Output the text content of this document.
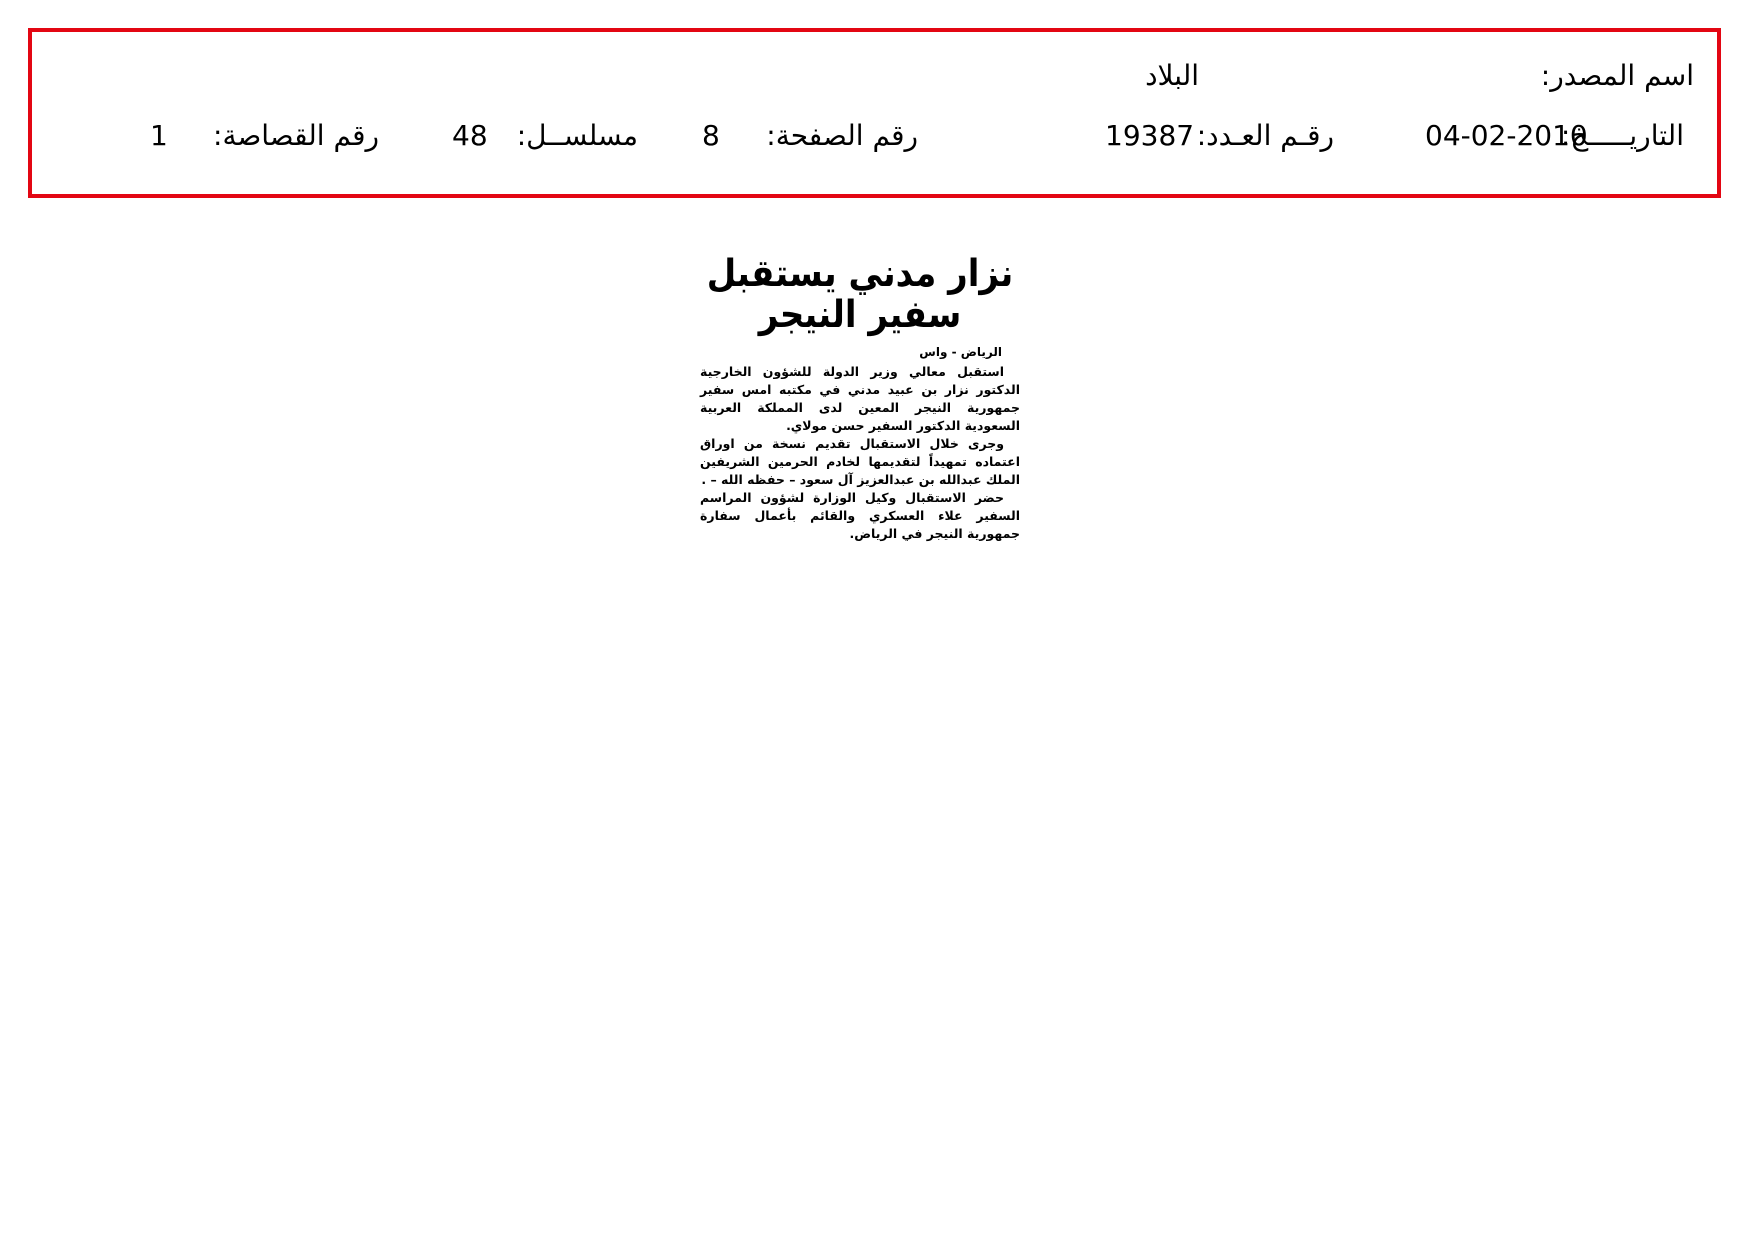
اسم المصدر:
البلاد
التاريـــــخ:
04-02-2010
رقـم العـدد:
19387
رقم الصفحة:
8
مسلســل:
48
رقم القصاصة:
1
نزار مدني يستقبل سفير النيجر
الرياض - واس

استقبل معالي وزير الدولة للشؤون الخارجية الدكتور نزار بن عبيد مدني في مكتبه امس سفير جمهورية النيجر المعين لدى المملكة العربية السعودية الدكتور السفير حسن مولاي.

وجرى خلال الاستقبال تقديم نسخة من اوراق اعتماده تمهيداً لتقديمها لخادم الحرمين الشريفين الملك عبدالله بن عبدالعزيز آل سعود – حفظه الله – .

حضر الاستقبال وكيل الوزارة لشؤون المراسم السفير علاء العسكري والقائم بأعمال سفارة جمهورية النيجر في الرياض.
